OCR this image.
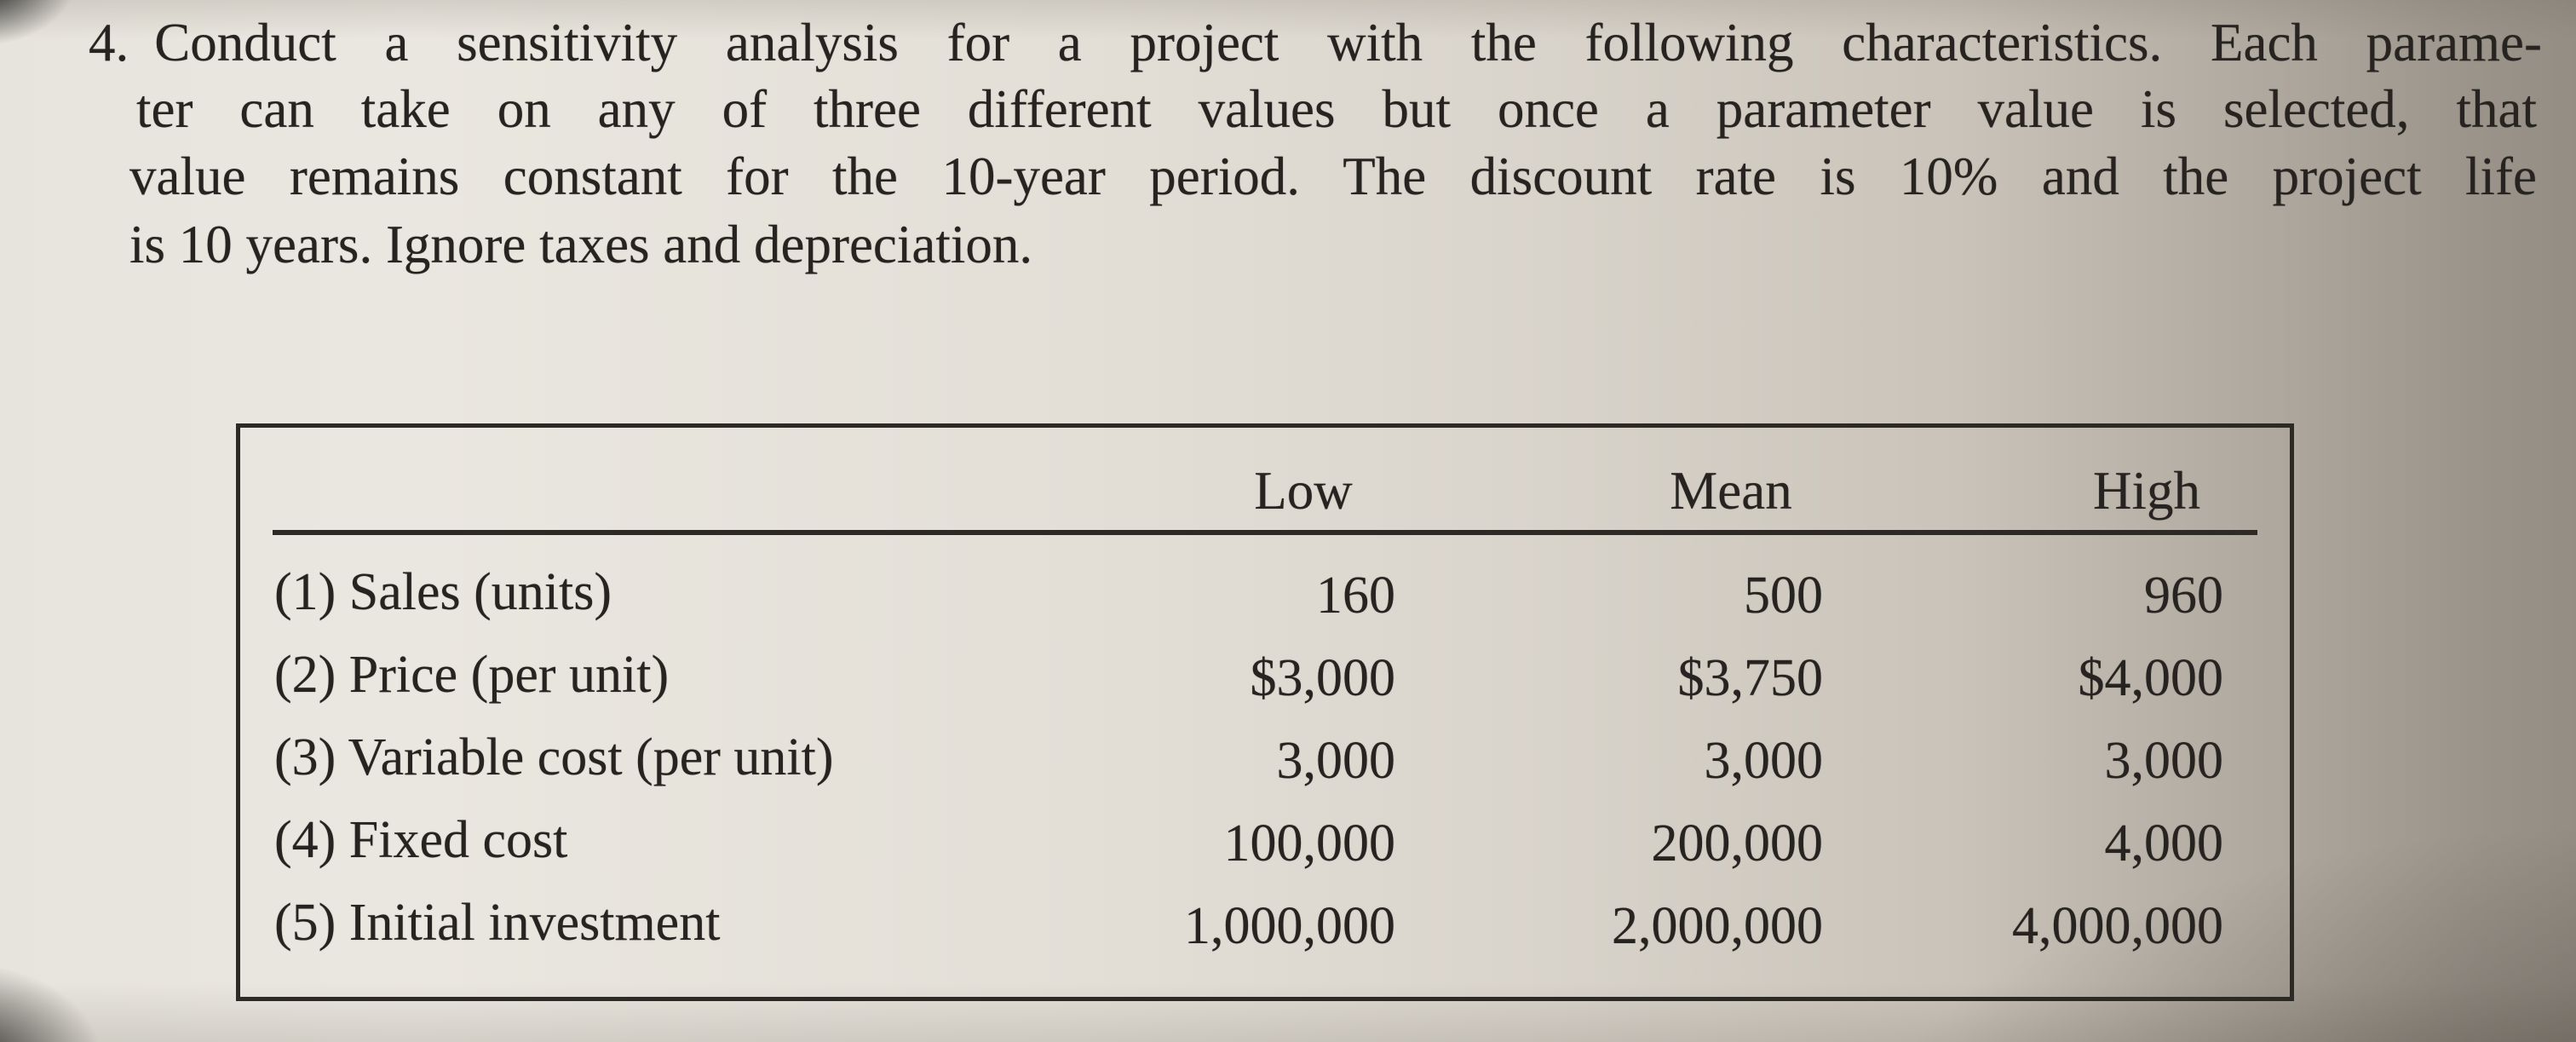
4. Conduct a sensitivity analysis for a project with the following characteristics. Each parame-
ter can take on any of three different values but once a parameter value is selected, that
value remains constant for the 10-year period. The discount rate is 10% and the project life
is 10 years. Ignore taxes and depreciation.
Low	Mean	High
(1) Sales (units)	160	500	960
(2) Price (per unit)	$3,000	$3,750	$4,000
(3) Variable cost (per unit)	3,000	3,000	3,000
(4) Fixed cost	100,000	200,000	4,000
(5) Initial investment	1,000,000	2,000,000	4,000,000
